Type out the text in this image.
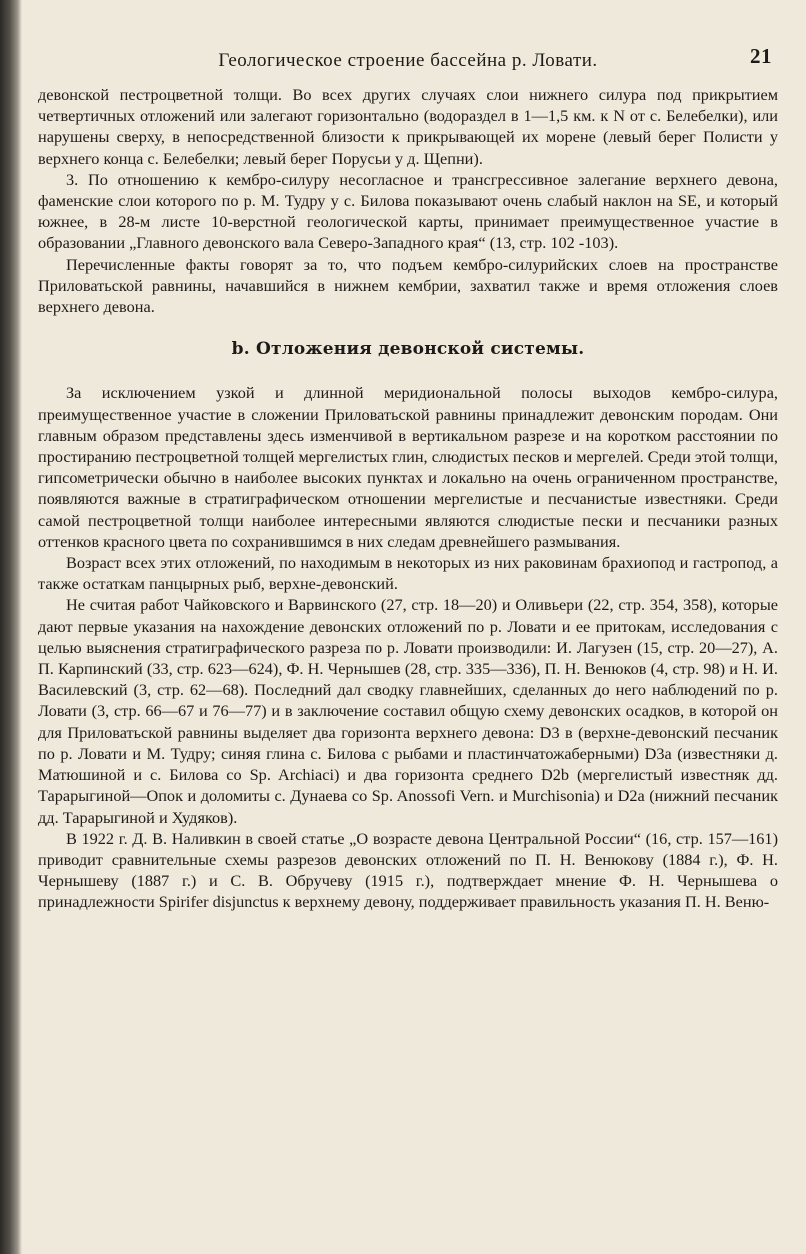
Геологическое строение бассейна р. Ловати.	21

девонской пестроцветной толщи. Во всех других случаях слои нижнего силура под прикрытием четвертичных отложений или залегают горизонтально (водораздел в 1—1,5 км. к N от с. Белебелки), или нарушены сверху, в непосредственной близости к прикрывающей их морене (левый берег Полисти у верхнего конца с. Белебелки; левый берег Порусьи у д. Щепни).

3. По отношению к кембро-силуру несогласное и трансгрессивное залегание верхнего девона, фаменские слои которого по р. М. Тудру у с. Билова показывают очень слабый наклон на SE, и который южнее, в 28-м листе 10-верстной геологической карты, принимает преимущественное участие в образовании „Главного девонского вала Северо-Западного края“ (13, стр. 102 -103).

Перечисленные факты говорят за то, что подъем кембро-силурийских слоев на пространстве Приловатьской равнины, начавшийся в нижнем кембрии, захватил также и время отложения слоев верхнего девона.

b. Отложения девонской системы.

За исключением узкой и длинной меридиональной полосы выходов кембро-силура, преимущественное участие в сложении Приловатьской равнины принадлежит девонским породам. Они главным образом представлены здесь изменчивой в вертикальном разрезе и на коротком расстоянии по простиранию пестроцветной толщей мергелистых глин, слюдистых песков и мергелей. Среди этой толщи, гипсометрически обычно в наиболее высоких пунктах и локально на очень ограниченном пространстве, появляются важные в стратиграфическом отношении мергелистые и песчанистые известняки. Среди самой пестроцветной толщи наиболее интересными являются слюдистые пески и песчаники разных оттенков красного цвета по сохранившимся в них следам древнейшего размывания.

Возраст всех этих отложений, по находимым в некоторых из них раковинам брахиопод и гастропод, а также остаткам панцырных рыб, верхне-девонский.

Не считая работ Чайковского и Варвинского (27, стр. 18—20) и Оливьери (22, стр. 354, 358), которые дают первые указания на нахождение девонских отложений по р. Ловати и ее притокам, исследования с целью выяснения стратиграфического разреза по р. Ловати производили: И. Лагузен (15, стр. 20—27), А. П. Карпинский (33, стр. 623—624), Ф. Н. Чернышев (28, стр. 335—336), П. Н. Венюков (4, стр. 98) и Н. И. Василевский (3, стр. 62—68). Последний дал сводку главнейших, сделанных до него наблюдений по р. Ловати (3, стр. 66—67 и 76—77) и в заключение составил общую схему девонских осадков, в которой он для Приловатьской равнины выделяет два горизонта верхнего девона: D3 в (верхне-девонский песчаник по р. Ловати и М. Тудру; синяя глина с. Билова с рыбами и пластинчатожаберными) D3a (известняки д. Матюшиной и с. Билова со Sp. Archiaci) и два горизонта среднего D2b (мергелистый известняк дд. Тарарыгиной—Опок и доломиты с. Дунаева со Sp. Anossofi Vern. и Murchisonia) и D2a (нижний песчаник дд. Тарарыгиной и Худяков).

В 1922 г. Д. В. Наливкин в своей статье „О возрасте девона Центральной России“ (16, стр. 157—161) приводит сравнительные схемы разрезов девонских отложений по П. Н. Венюкову (1884 г.), Ф. Н. Чернышеву (1887 г.) и С. В. Обручеву (1915 г.), подтверждает мнение Ф. Н. Чернышева о принадлежности Spirifer disjunctus к верхнему девону, поддерживает правильность указания П. Н. Веню-
